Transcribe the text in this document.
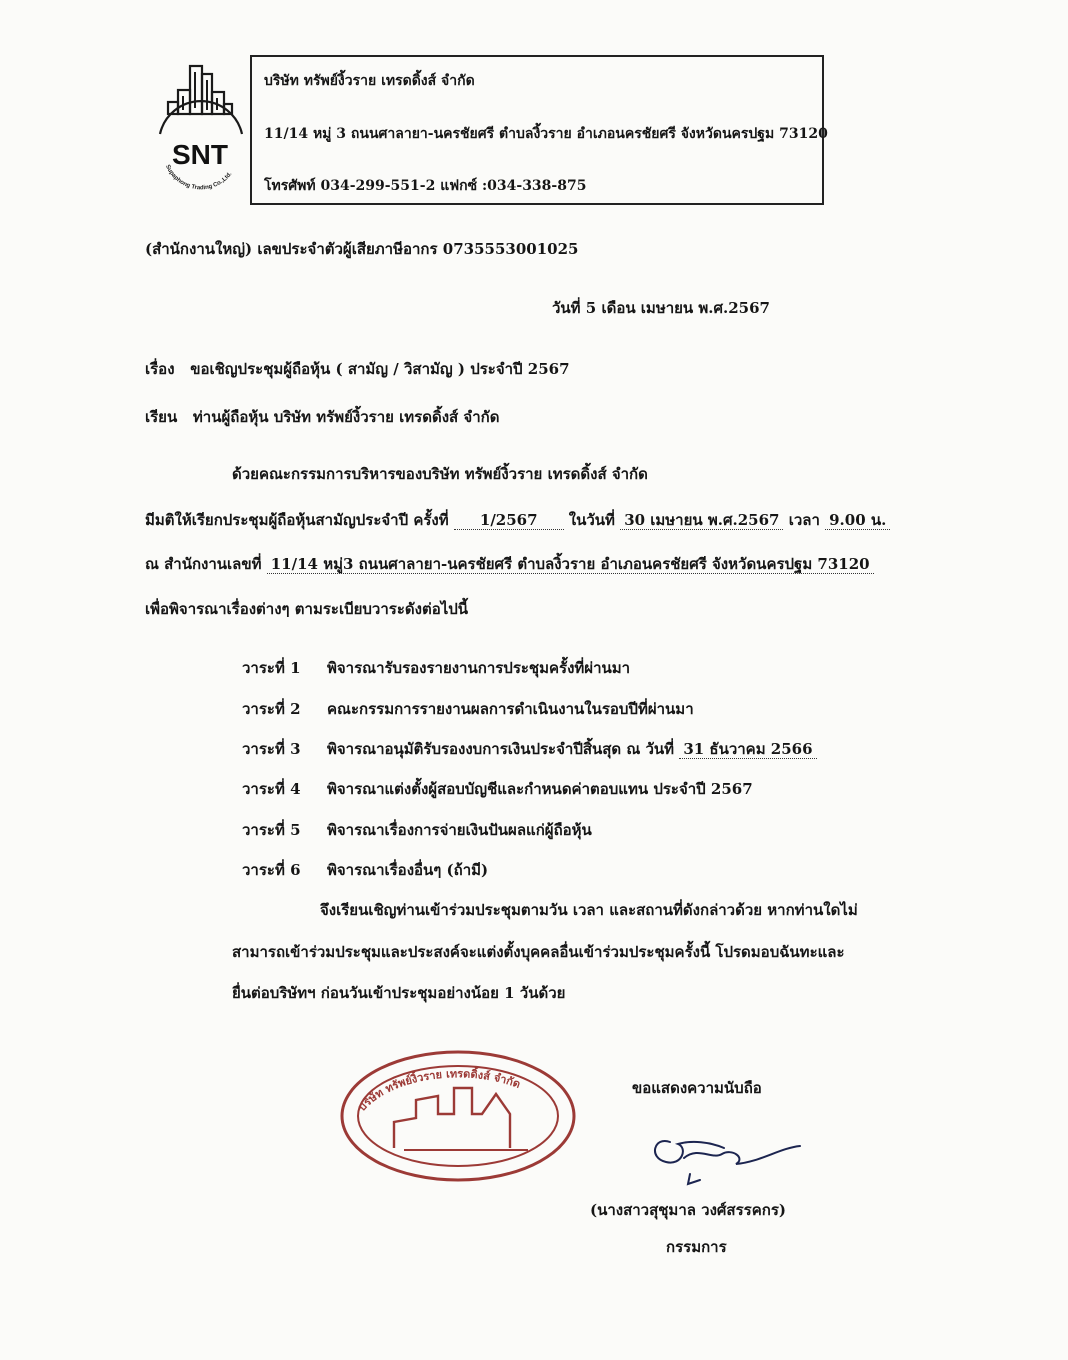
SNT
Supaphong Trading Co.,Ltd.
บริษัท ทรัพย์งิ้วราย เทรดดิ้งส์ จำกัด
11/14 หมู่ 3 ถนนศาลายา-นครชัยศรี ตำบลงิ้วราย อำเภอนครชัยศรี จังหวัดนครปฐม 73120
โทรศัพท์ 034-299-551-2 แฟกซ์ :034-338-875
(สำนักงานใหญ่) เลขประจำตัวผู้เสียภาษีอากร 0735553001025
วันที่ 5 เดือน เมษายน พ.ศ.2567
เรื่อง ขอเชิญประชุมผู้ถือหุ้น ( สามัญ / วิสามัญ ) ประจำปี 2567
เรียน ท่านผู้ถือหุ้น บริษัท ทรัพย์งิ้วราย เทรดดิ้งส์ จำกัด
ด้วยคณะกรรมการบริหารของบริษัท ทรัพย์งิ้วราย เทรดดิ้งส์ จำกัด
มีมติให้เรียกประชุมผู้ถือหุ้นสามัญประจำปี ครั้งที่ 1/2567 ในวันที่ 30 เมษายน พ.ศ.2567 เวลา 9.00 น.
ณ สำนักงานเลขที่ 11/14 หมู่3 ถนนศาลายา-นครชัยศรี ตำบลงิ้วราย อำเภอนครชัยศรี จังหวัดนครปฐม 73120
เพื่อพิจารณาเรื่องต่างๆ ตามระเบียบวาระดังต่อไปนี้
วาระที่ 1 พิจารณารับรองรายงานการประชุมครั้งที่ผ่านมา
วาระที่ 2 คณะกรรมการรายงานผลการดำเนินงานในรอบปีที่ผ่านมา
วาระที่ 3 พิจารณาอนุมัติรับรองงบการเงินประจำปีสิ้นสุด ณ วันที่ 31 ธันวาคม 2566
วาระที่ 4 พิจารณาแต่งตั้งผู้สอบบัญชีและกำหนดค่าตอบแทน ประจำปี 2567
วาระที่ 5 พิจารณาเรื่องการจ่ายเงินปันผลแก่ผู้ถือหุ้น
วาระที่ 6 พิจารณาเรื่องอื่นๆ (ถ้ามี)
จึงเรียนเชิญท่านเข้าร่วมประชุมตามวัน เวลา และสถานที่ดังกล่าวด้วย หากท่านใดไม่
สามารถเข้าร่วมประชุมและประสงค์จะแต่งตั้งบุคคลอื่นเข้าร่วมประชุมครั้งนี้ โปรดมอบฉันทะและ
ยื่นต่อบริษัทฯ ก่อนวันเข้าประชุมอย่างน้อย 1 วันด้วย
บริษัท ทรัพย์งิ้วราย เทรดดิ้งส์ จำกัด	ขอแสดงความนับถือ
(นางสาวสุชุมาล วงศ์สรรคกร)
กรรมการ
